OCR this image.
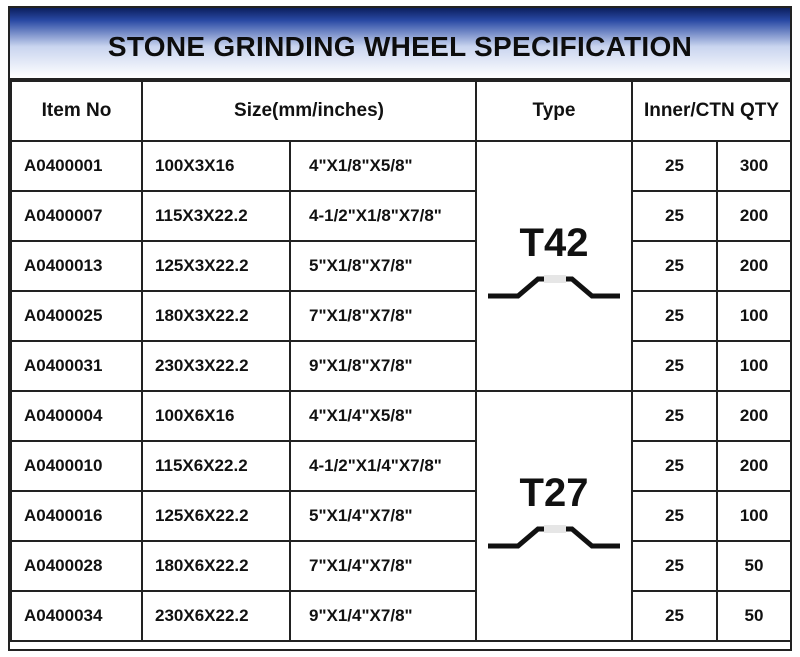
STONE GRINDING WHEEL SPECIFICATION
Item No	Size(mm/inches)		Type	Inner/CTN QTY	
A0400001	100X3X16	4"X1/8"X5/8"	T42	25	300
A0400007	115X3X22.2	4-1/2"X1/8"X7/8"		25	200
A0400013	125X3X22.2	5"X1/8"X7/8"		25	200
A0400025	180X3X22.2	7"X1/8"X7/8"		25	100
A0400031	230X3X22.2	9"X1/8"X7/8"		25	100
A0400004	100X6X16	4"X1/4"X5/8"	T27	25	200
A0400010	115X6X22.2	4-1/2"X1/4"X7/8"		25	200
A0400016	125X6X22.2	5"X1/4"X7/8"		25	100
A0400028	180X6X22.2	7"X1/4"X7/8"		25	50
A0400034	230X6X22.2	9"X1/4"X7/8"		25	50
